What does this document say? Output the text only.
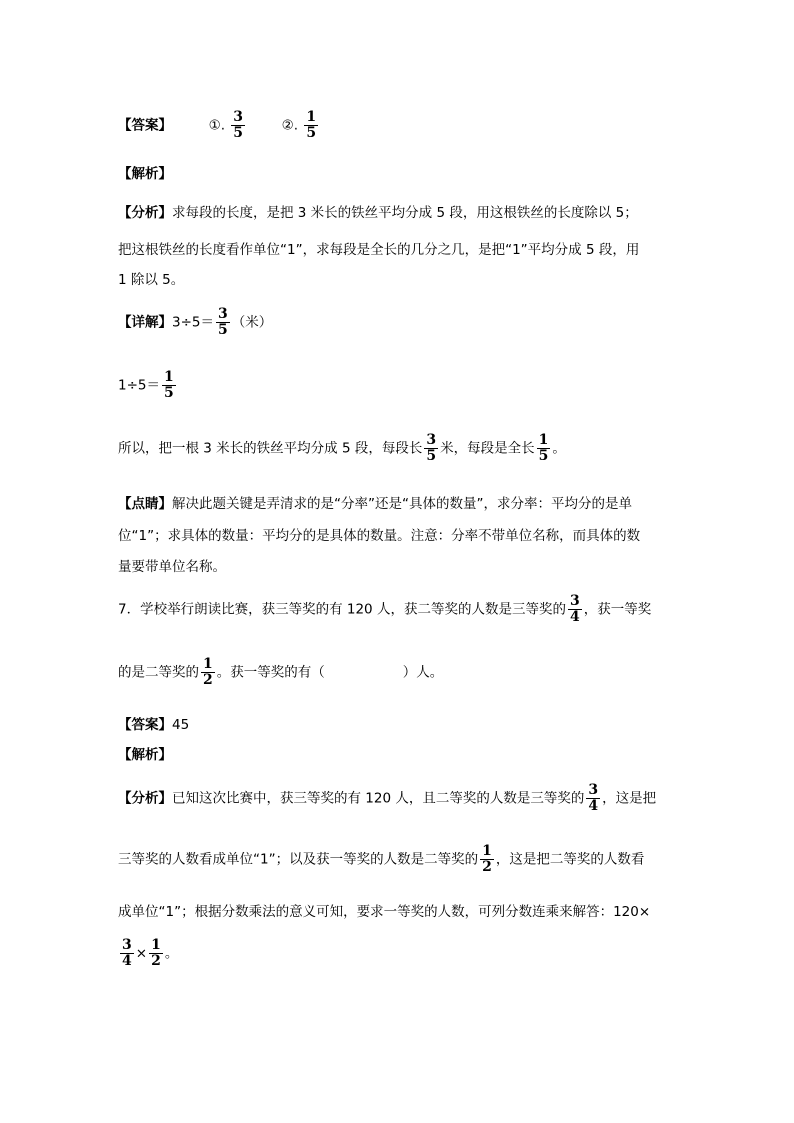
【答案】	①. $\frac{3}{5}$	②. $\frac{1}{5}$
【解析】
【分析】求每段的长度，是把 3 米长的铁丝平均分成 5 段，用这根铁丝的长度除以 5；
把这根铁丝的长度看作单位“1”，求每段是全长的几分之几，是把“1”平均分成 5 段，用
1 除以 5。
【详解】$3\div 5= \frac{3}{5}$ （米）
$1\div 5= \frac{1}{5}$
所以，把一根 3 米长的铁丝平均分成 5 段，每段长 $\frac{3}{5}$ 米，每段是全长 $\frac{1}{5}$ 。
【点睛】解决此题关键是弄清求的是“分率”还是“具体的数量”，求分率：平均分的是单
位“1”；求具体的数量：平均分的是具体的数量。注意：分率不带单位名称，而具体的数
量要带单位名称。
7．学校举行朗读比赛，获三等奖的有 120 人，获二等奖的人数是三等奖的 $\frac{3}{4}$ ，获一等奖
的是二等奖的 $\frac{1}{2}$ 。获一等奖的有（	）人。
【答案】45
【解析】
【分析】已知这次比赛中，获三等奖的有 120 人，且二等奖的人数是三等奖的 $\frac{3}{4}$ ，这是把
三等奖的人数看成单位“1”；以及获一等奖的人数是二等奖的 $\frac{1}{2}$ ，这是把二等奖的人数看
成单位“1”；根据分数乘法的意义可知，要求一等奖的人数，可列分数连乘来解答：120×
$\frac{3}{4} \times \frac{1}{2}$ 。
